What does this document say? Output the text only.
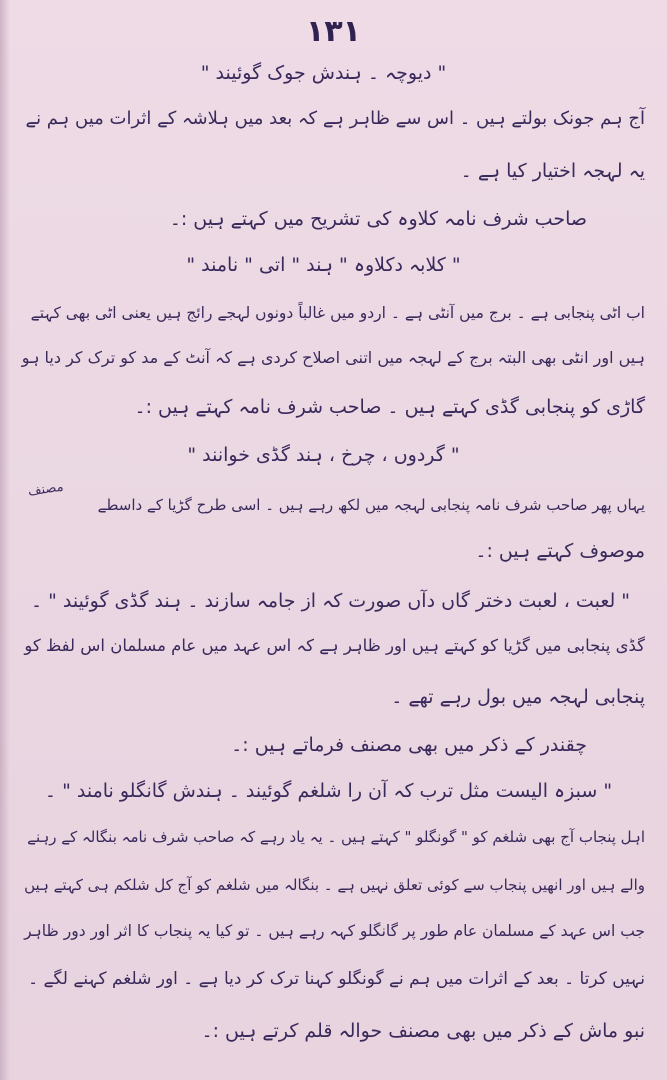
۱۳۱
" دیوچہ ۔ ہندش جوک گوئیند "
آج ہم جونک بولتے ہیں ۔ اس سے ظاہر ہے کہ بعد میں ہلاشہ کے اثرات میں ہم نے
یہ لہجہ اختیار کیا ہے ۔
صاحب شرف نامہ کلاوہ کی تشریح میں کہتے ہیں :۔
" کلابہ دکلاوہ " ہند " اتی " نامند "
اب اٹی پنجابی ہے ۔ برج میں آنٹی ہے ۔ اردو میں غالباً دونوں لہجے رائج ہیں یعنی اٹی بھی کہتے
ہیں اور انٹی بھی البتہ برج کے لہجہ میں اتنی اصلاح کردی ہے کہ آنٹ کے مد کو ترک کر دیا ہو
گاڑی کو پنجابی گڈی کہتے ہیں ۔ صاحب شرف نامہ کہتے ہیں :۔
" گردوں ، چرخ ، ہند گڈی خوانند "
مصنف
یہاں پھر صاحب شرف نامہ پنجابی لہجہ میں لکھ رہے ہیں ۔ اسی طرح گڑیا کے داسطے
موصوف کہتے ہیں :۔
" لعبت ، لعبت دختر گاں دآں صورت کہ از جامہ سازند ۔ ہند گڈی گوئیند " ۔
گڈی پنجابی میں گڑیا کو کہتے ہیں اور ظاہر ہے کہ اس عہد میں عام مسلمان اس لفظ کو
پنجابی لہجہ میں بول رہے تھے ۔
چقندر کے ذکر میں بھی مصنف فرماتے ہیں :۔
" سبزہ الیست مثل ترب کہ آن را شلغم گوئیند ۔ ہندش گانگلو نامند " ۔
اہل پنجاب آج بھی شلغم کو " گونگلو " کہتے ہیں ۔ یہ یاد رہے کہ صاحب شرف نامہ بنگالہ کے رہنے
والے ہیں اور انھیں پنجاب سے کوئی تعلق نہیں ہے ۔ بنگالہ میں شلغم کو آج کل شلکم ہی کہتے ہیں
جب اس عہد کے مسلمان عام طور پر گانگلو کہہ رہے ہیں ۔ تو کیا یہ پنجاب کا اثر اور دور ظاہر
نہیں کرتا ۔ بعد کے اثرات میں ہم نے گونگلو کہنا ترک کر دیا ہے ۔ اور شلغم کہنے لگے ۔
نبو ماش کے ذکر میں بھی مصنف حوالہ قلم کرتے ہیں :۔
